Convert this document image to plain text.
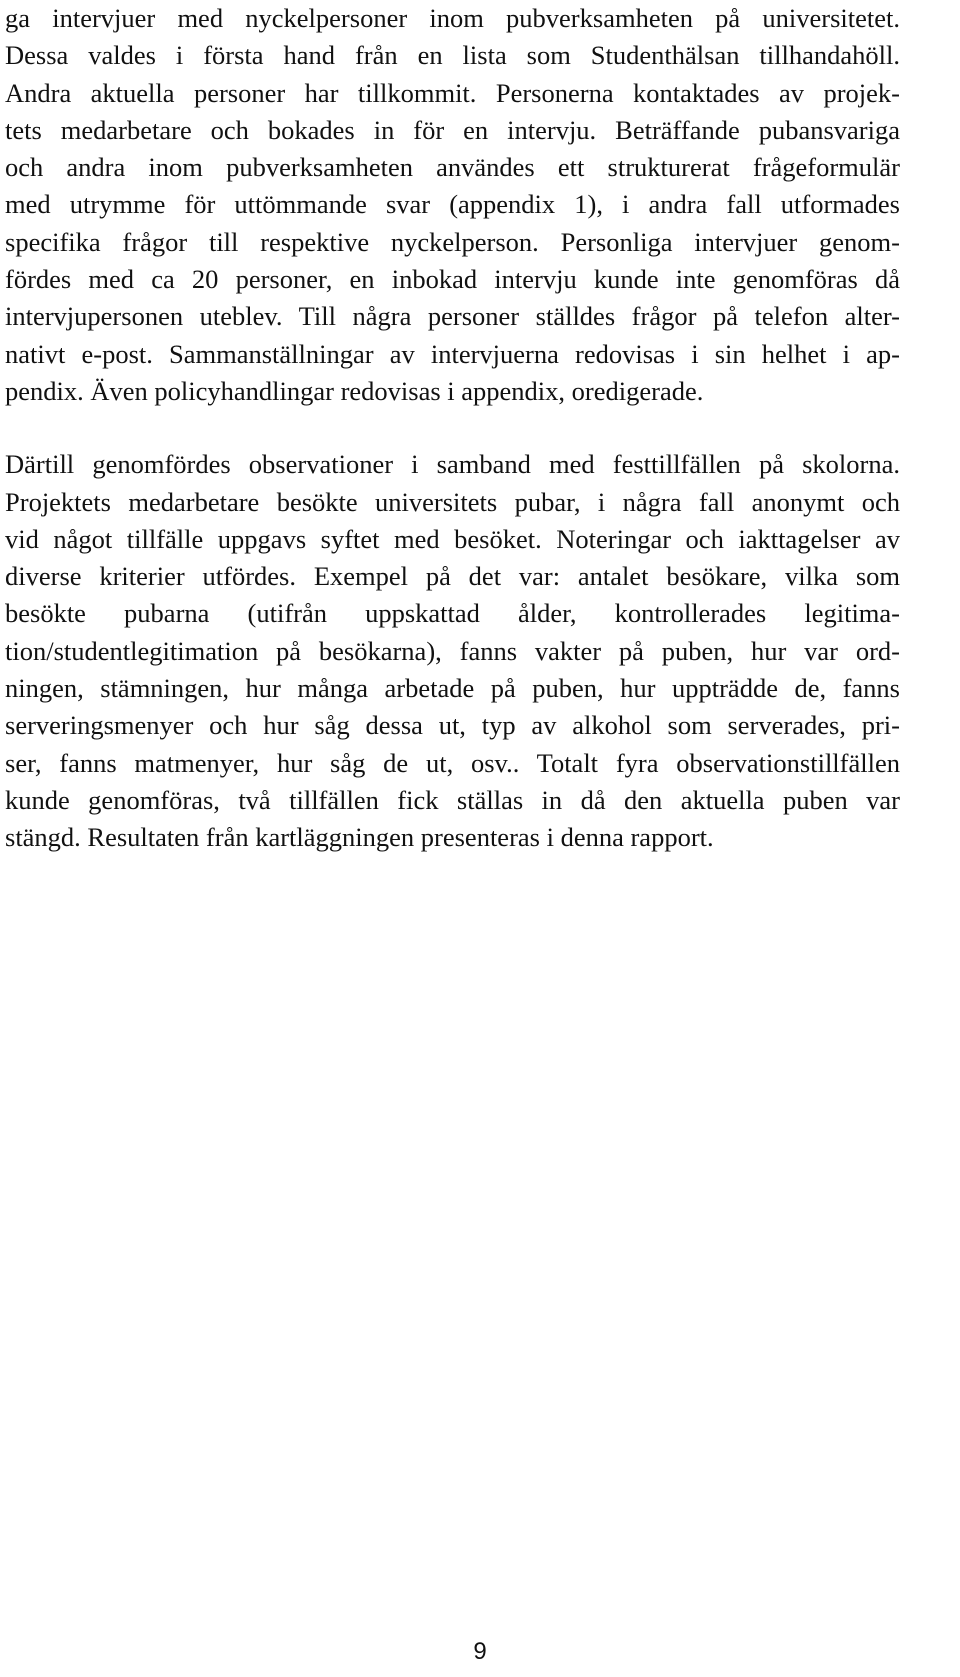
ga intervjuer med nyckelpersoner inom pubverksamheten på universitetet.
Dessa valdes i första hand från en lista som Studenthälsan tillhandahöll.
Andra aktuella personer har tillkommit. Personerna kontaktades av projek-
tets medarbetare och bokades in för en intervju. Beträffande pubansvariga
och andra inom pubverksamheten användes ett strukturerat frågeformulär
med utrymme för uttömmande svar (appendix 1), i andra fall utformades
specifika frågor till respektive nyckelperson. Personliga intervjuer genom-
fördes med ca 20 personer, en inbokad intervju kunde inte genomföras då
intervjupersonen uteblev. Till några personer ställdes frågor på telefon alter-
nativt e-post. Sammanställningar av intervjuerna redovisas i sin helhet i ap-
pendix. Även policyhandlingar redovisas i appendix, oredigerade.

Därtill genomfördes observationer i samband med festtillfällen på skolorna.
Projektets medarbetare besökte universitets pubar, i några fall anonymt och
vid något tillfälle uppgavs syftet med besöket. Noteringar och iakttagelser av
diverse kriterier utfördes. Exempel på det var: antalet besökare, vilka som
besökte pubarna (utifrån uppskattad ålder, kontrollerades legitima-
tion/studentlegitimation på besökarna), fanns vakter på puben, hur var ord-
ningen, stämningen, hur många arbetade på puben, hur uppträdde de, fanns
serveringsmenyer och hur såg dessa ut, typ av alkohol som serverades, pri-
ser, fanns matmenyer, hur såg de ut, osv.. Totalt fyra observationstillfällen
kunde genomföras, två tillfällen fick ställas in då den aktuella puben var
stängd. Resultaten från kartläggningen presenteras i denna rapport.

9
